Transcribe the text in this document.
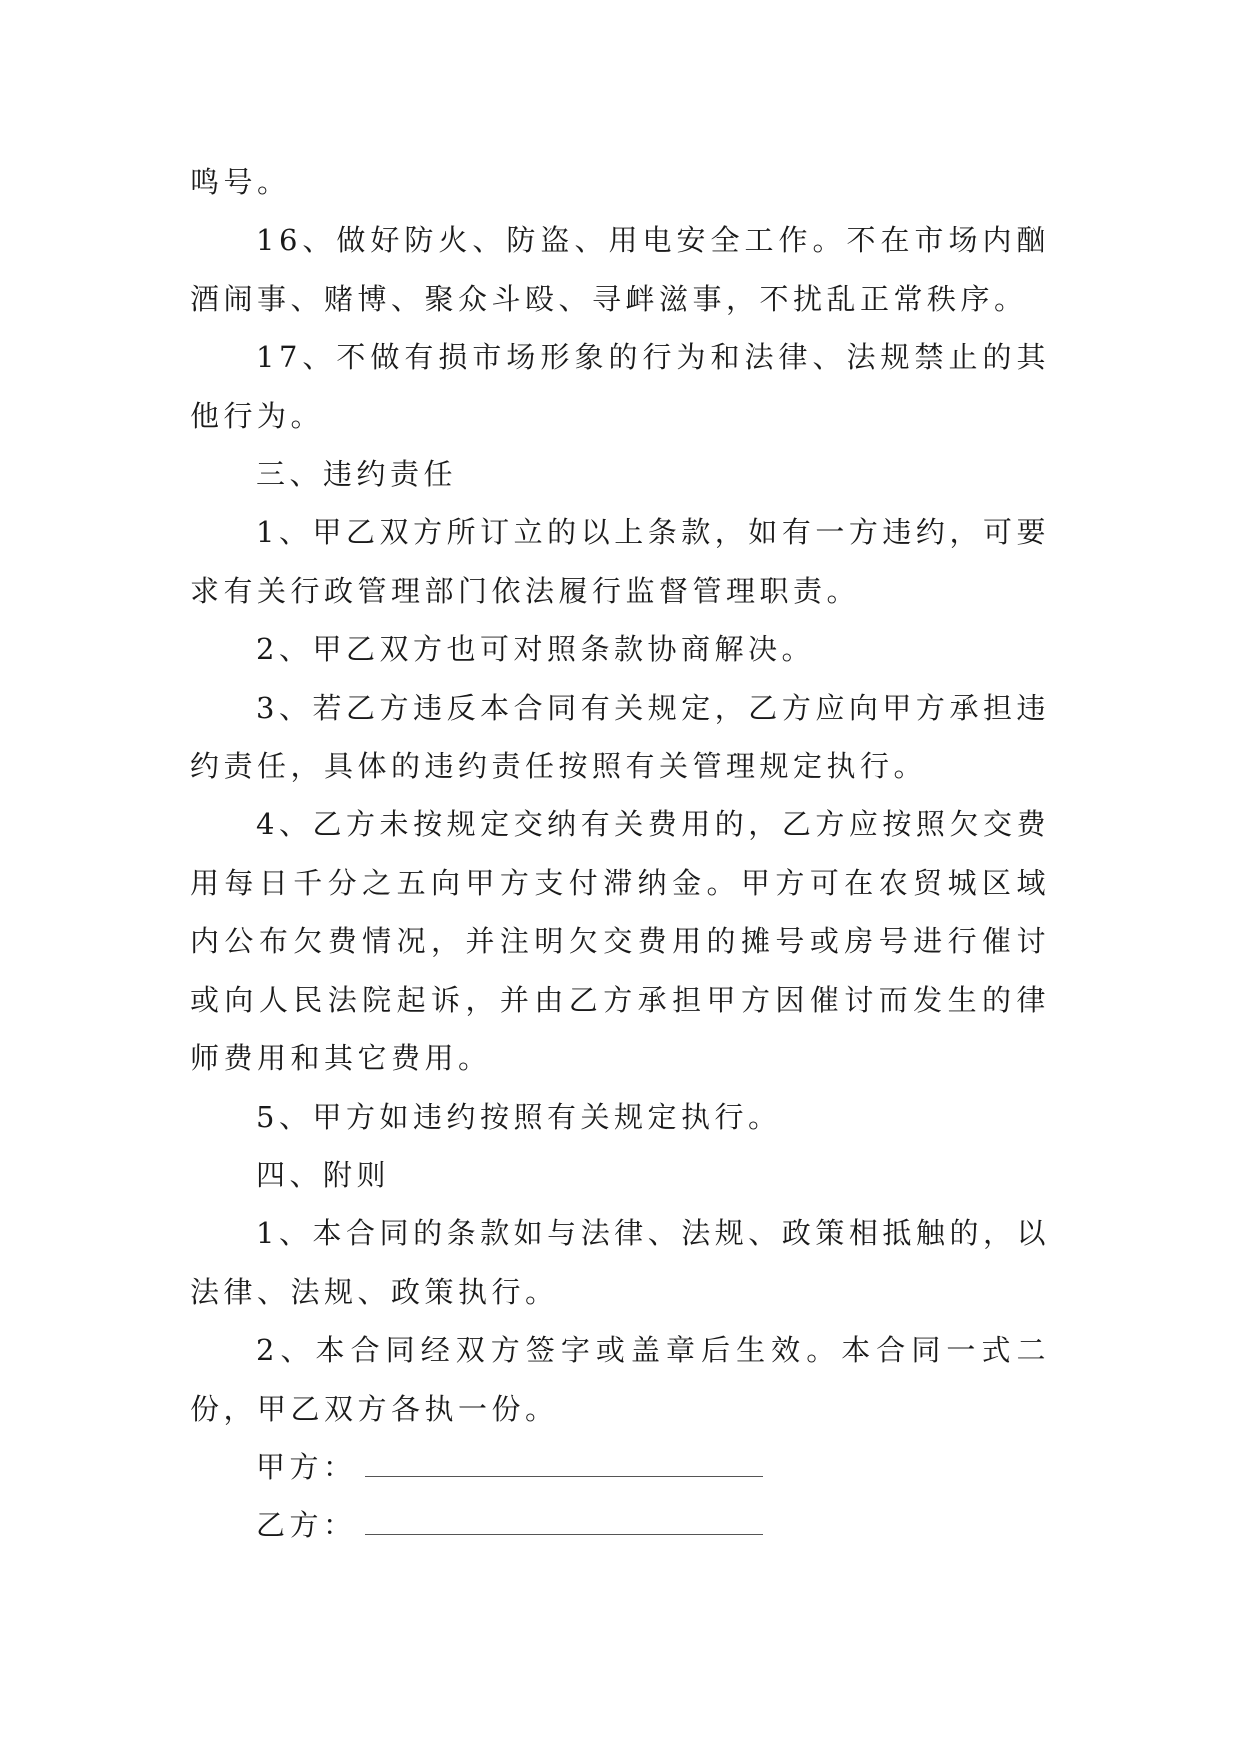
鸣号。

16、做好防火、防盗、用电安全工作。不在市场内酗酒闹事、赌博、聚众斗殴、寻衅滋事，不扰乱正常秩序。

17、不做有损市场形象的行为和法律、法规禁止的其他行为。

三、违约责任

1、甲乙双方所订立的以上条款，如有一方违约，可要求有关行政管理部门依法履行监督管理职责。

2、甲乙双方也可对照条款协商解决。

3、若乙方违反本合同有关规定，乙方应向甲方承担违约责任，具体的违约责任按照有关管理规定执行。

4、乙方未按规定交纳有关费用的，乙方应按照欠交费用每日千分之五向甲方支付滞纳金。甲方可在农贸城区域内公布欠费情况，并注明欠交费用的摊号或房号进行催讨或向人民法院起诉，并由乙方承担甲方因催讨而发生的律师费用和其它费用。

5、甲方如违约按照有关规定执行。

四、附则

1、本合同的条款如与法律、法规、政策相抵触的，以法律、法规、政策执行。

2、本合同经双方签字或盖章后生效。本合同一式二份，甲乙双方各执一份。

甲方：

乙方：
